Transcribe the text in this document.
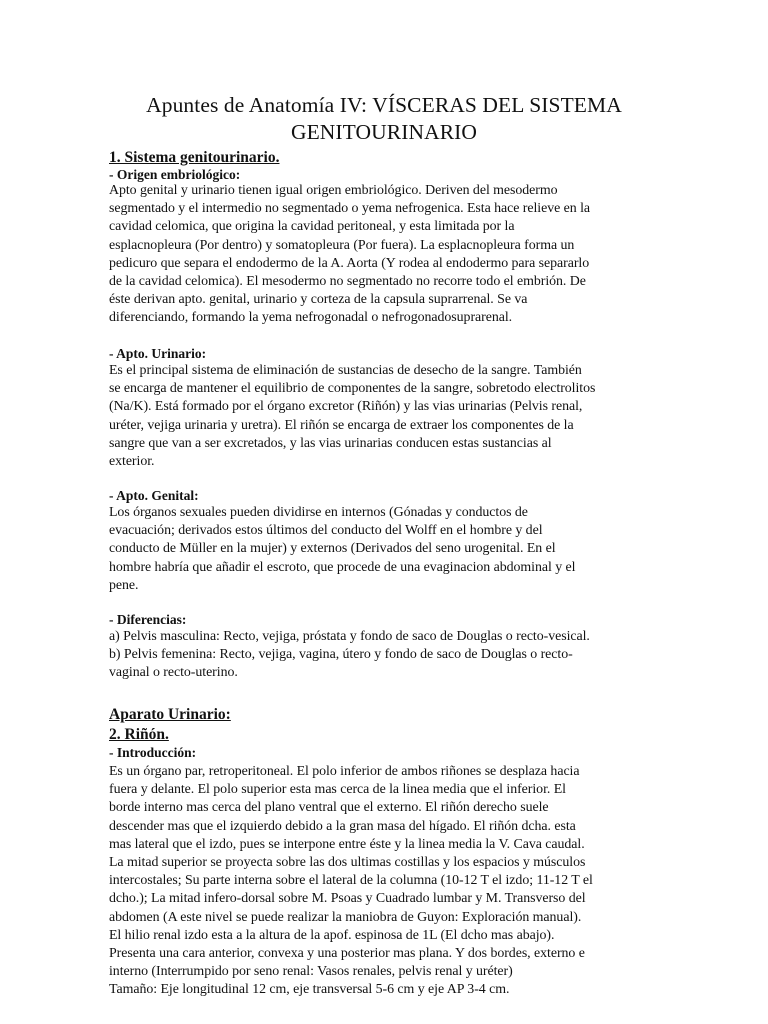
Apuntes de Anatomía IV: VÍSCERAS DEL SISTEMA
GENITOURINARIO
1. Sistema genitourinario.
- Origen embriológico:
Apto genital y urinario tienen igual origen embriológico. Deriven del mesodermo
segmentado y el intermedio no segmentado o yema nefrogenica. Esta hace relieve en la
cavidad celomica, que origina la cavidad peritoneal, y esta limitada por la
esplacnopleura (Por dentro) y somatopleura (Por fuera). La esplacnopleura forma un
pedicuro que separa el endodermo de la A. Aorta (Y rodea al endodermo para separarlo
de la cavidad celomica). El mesodermo no segmentado no recorre todo el embrión. De
éste derivan apto. genital, urinario y corteza de la capsula suprarrenal. Se va
diferenciando, formando la yema nefrogonadal o nefrogonadosuprarenal.
- Apto. Urinario:
Es el principal sistema de eliminación de sustancias de desecho de la sangre. También
se encarga de mantener el equilibrio de componentes de la sangre, sobretodo electrolitos
(Na/K). Está formado por el órgano excretor (Riñón) y las vias urinarias (Pelvis renal,
uréter, vejiga urinaria y uretra). El riñón se encarga de extraer los componentes de la
sangre que van a ser excretados, y las vias urinarias conducen estas sustancias al
exterior.
- Apto. Genital:
Los órganos sexuales pueden dividirse en internos (Gónadas y conductos de
evacuación; derivados estos últimos del conducto del Wolff en el hombre y del
conducto de Müller en la mujer) y externos (Derivados del seno urogenital. En el
hombre habría que añadir el escroto, que procede de una evaginacion abdominal y el
pene.
- Diferencias:
a) Pelvis masculina: Recto, vejiga, próstata y fondo de saco de Douglas o recto-vesical.
b) Pelvis femenina: Recto, vejiga, vagina, útero y fondo de saco de Douglas o recto-
vaginal o recto-uterino.
Aparato Urinario:
2. Riñón.
- Introducción:
Es un órgano par, retroperitoneal. El polo inferior de ambos riñones se desplaza hacia
fuera y delante. El polo superior esta mas cerca de la linea media que el inferior. El
borde interno mas cerca del plano ventral que el externo. El riñón derecho suele
descender mas que el izquierdo debido a la gran masa del hígado. El riñón dcha. esta
mas lateral que el izdo, pues se interpone entre éste y la linea media la V. Cava caudal.
La mitad superior se proyecta sobre las dos ultimas costillas y los espacios y músculos
intercostales; Su parte interna sobre el lateral de la columna (10-12 T el izdo; 11-12 T el
dcho.); La mitad infero-dorsal sobre M. Psoas y Cuadrado lumbar y M. Transverso del
abdomen (A este nivel se puede realizar la maniobra de Guyon: Exploración manual).
El hilio renal izdo esta a la altura de la apof. espinosa de 1L (El dcho mas abajo).
Presenta una cara anterior, convexa y una posterior mas plana. Y dos bordes, externo e
interno (Interrumpido por seno renal: Vasos renales, pelvis renal y uréter)
Tamaño: Eje longitudinal 12 cm, eje transversal 5-6 cm y eje AP 3-4 cm.
